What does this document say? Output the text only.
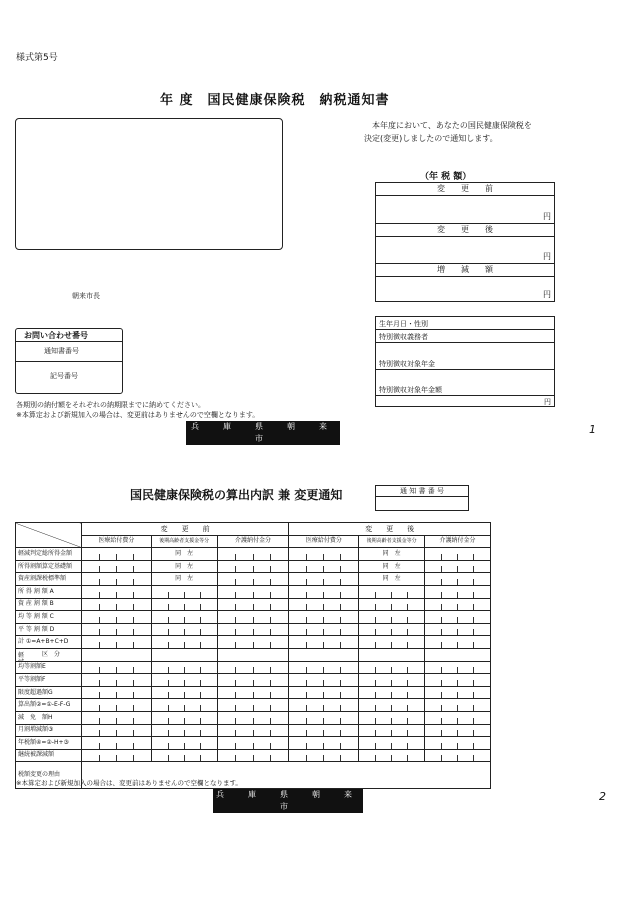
様式第5号
年 度　国民健康保険税　納税通知書
本年度において、あなたの国民健康保険税を
決定(変更)しましたので通知します。
（年 税 額）
変　　更　　前
円
変　　更　　後
円
増　　減　　額
円
朝来市長
お問い合わせ番号
通知書番号
記号番号
生年月日・性別
特別徴収義務者
特別徴収対象年金
特別徴収対象年金額
円
各期別の納付額をそれぞれの納期限までに納めてください。
※本算定および新規加入の場合は、変更前はありませんので空欄となります。
兵　庫　県　朝　来　市
1
国民健康保険税の算出内訳 兼 変更通知	通 知 書 番 号
	変　　更　　前			変　　更　　後		
	医療給付費分	後期高齢者支援金等分	介護納付金分	医療給付費分	後期高齢者支援金等分	介護納付金分
軽減判定総所得金額		同　左			同　左	
所得割額算定基礎額		同　左			同　左	
資産割課税標準額		同　左			同　左	
所 得 割 額 A						
資 産 割 額 B						
均 等 割 額 C						
平 等 割 額 D						
計 ①=A+B+C+D						

軽 区　分						
均等割額E						
平等割額F						
限度超過額G						
算出額②=①-E-F-G						
減　免　額H						
月割増減額③						
年税額④=②-H+③						
継続被課減額						
税額変更の理由						
※本算定および新規加入の場合は、変更前はありませんので空欄となります。
兵　庫　県　朝　来　市
2
